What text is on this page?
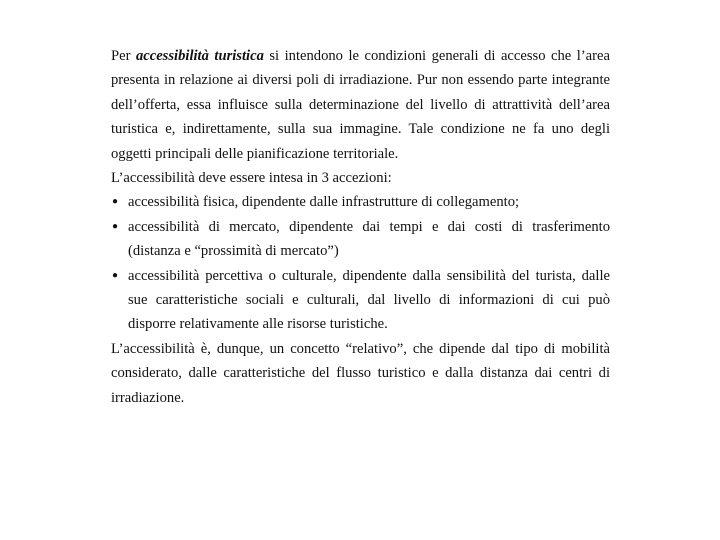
Per accessibilità turistica si intendono le condizioni generali di accesso che l’area presenta in relazione ai diversi poli di irradiazione. Pur non essendo parte integrante dell’offerta, essa influisce sulla determinazione del livello di attrattività dell’area turistica e, indirettamente, sulla sua immagine. Tale condizione ne fa uno degli oggetti principali delle pianificazione territoriale.

L’accessibilità deve essere intesa in 3 accezioni:

● accessibilità fisica, dipendente dalle infrastrutture di collegamento;
● accessibilità di mercato, dipendente dai tempi e dai costi di trasferimento (distanza e “prossimità di mercato”)
● accessibilità percettiva o culturale, dipendente dalla sensibilità del turista, dalle sue caratteristiche sociali e culturali, dal livello di informazioni di cui può disporre relativamente alle risorse turistiche.

L’accessibilità è, dunque, un concetto “relativo”, che dipende dal tipo di mobilità considerato, dalle caratteristiche del flusso turistico e dalla distanza dai centri di irradiazione.
